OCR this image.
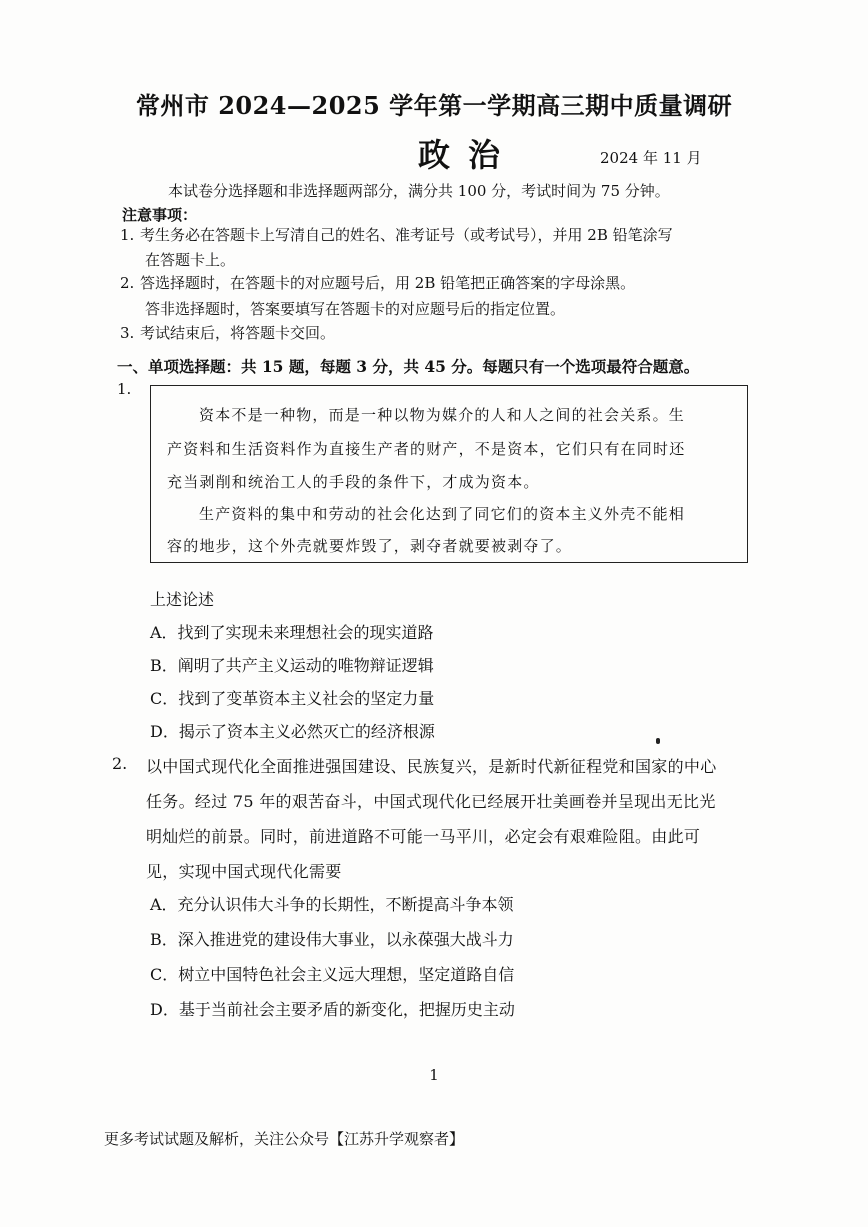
常州市 2024—2025 学年第一学期高三期中质量调研
政治	2024 年 11 月
本试卷分选择题和非选择题两部分，满分共 100 分，考试时间为 75 分钟。
注意事项：
1. 考生务必在答题卡上写清自己的姓名、准考证号（或考试号），并用 2B 铅笔涂写
在答题卡上。
2. 答选择题时，在答题卡的对应题号后，用 2B 铅笔把正确答案的字母涂黑。
答非选择题时，答案要填写在答题卡的对应题号后的指定位置。
3. 考试结束后，将答题卡交回。
一、单项选择题：共 15 题，每题 3 分，共 45 分。每题只有一个选项最符合题意。
1.
资本不是一种物，而是一种以物为媒介的人和人之间的社会关系。生
产资料和生活资料作为直接生产者的财产，不是资本，它们只有在同时还
充当剥削和统治工人的手段的条件下，才成为资本。
生产资料的集中和劳动的社会化达到了同它们的资本主义外壳不能相
容的地步，这个外壳就要炸毁了，剥夺者就要被剥夺了。
上述论述
A．找到了实现未来理想社会的现实道路
B．阐明了共产主义运动的唯物辩证逻辑
C．找到了变革资本主义社会的坚定力量
D．揭示了资本主义必然灭亡的经济根源
2. 以中国式现代化全面推进强国建设、民族复兴，是新时代新征程党和国家的中心
任务。经过 75 年的艰苦奋斗，中国式现代化已经展开壮美画卷并呈现出无比光
明灿烂的前景。同时，前进道路不可能一马平川，必定会有艰难险阻。由此可
见，实现中国式现代化需要
A．充分认识伟大斗争的长期性，不断提高斗争本领
B．深入推进党的建设伟大事业，以永葆强大战斗力
C．树立中国特色社会主义远大理想，坚定道路自信
D．基于当前社会主要矛盾的新变化，把握历史主动
1
更多考试试题及解析，关注公众号【江苏升学观察者】
